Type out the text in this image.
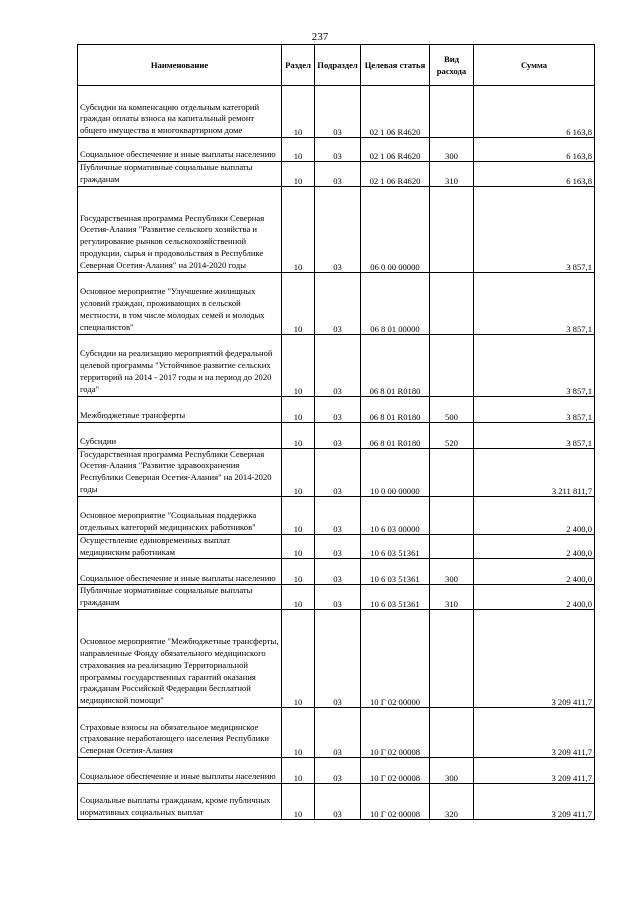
237
Наименование	Раздел	Подраздел	Целевая статья	Вид расхода	Сумма
Субсидии на компенсацию отдельным категорий граждан оплаты взноса на капитальный ремонт общего имущества в многоквартирном доме	10	03	02 1 06 R4620		6 163,8
Социальное обеспечение и иные выплаты населению	10	03	02 1 06 R4620	300	6 163,8
Публичные нормативные социальные выплаты гражданам	10	03	02 1 06 R4620	310	6 163,8
Государственная программа Республики Северная Осетия-Алания "Развитие сельского хозяйства и регулирование рынков сельскохозяйственной продукции, сырья и продовольствия в Республике Северная Осетия-Алания" на 2014-2020 годы	10	03	06 0 00 00000		3 857,1
Основное мероприятие "Улучшение жилищных условий граждан, проживающих в сельской местности, в том числе молодых семей и молодых специалистов"	10	03	06 8 01 00000		3 857,1
Субсидии на реализацию мероприятий федеральной целевой программы "Устойчивое развитие сельских территорий на 2014 - 2017 годы и на период до 2020 года"	10	03	06 8 01 R0180		3 857,1
Межбюджетные трансферты	10	03	06 8 01 R0180	500	3 857,1
Субсидии	10	03	06 8 01 R0180	520	3 857,1
Государственная программа Республики Северная Осетия-Алания "Развитие здравоохранения Республики Северная Осетия-Алания" на 2014-2020 годы	10	03	10 0 00 00000		3 211 811,7
Основное мероприятие "Социальная поддержка отдельных категорий медицинских работников"	10	03	10 6 03 00000		2 400,0
Осуществление единовременных выплат медицинским работникам	10	03	10 6 03 51361		2 400,0
Социальное обеспечение и иные выплаты населению	10	03	10 6 03 51361	300	2 400,0
Публичные нормативные социальные выплаты гражданам	10	03	10 6 03 51361	310	2 400,0
Основное мероприятие "Межбюджетные трансферты, направленные Фонду обязательного медицинского страхования на реализацию Территориальной программы государственных гарантий оказания гражданам Российской Федерации бесплатной медицинской помощи"	10	03	10 Г 02 00000		3 209 411,7
Страховые взносы на обязательное медицинское страхование неработающего населения Республики Северная Осетия-Алания	10	03	10 Г 02 00008		3 209 411,7
Социальное обеспечение и иные выплаты населению	10	03	10 Г 02 00008	300	3 209 411,7
Социальные выплаты гражданам, кроме публичных нормативных социальных выплат	10	03	10 Г 02 00008	320	3 209 411,7
